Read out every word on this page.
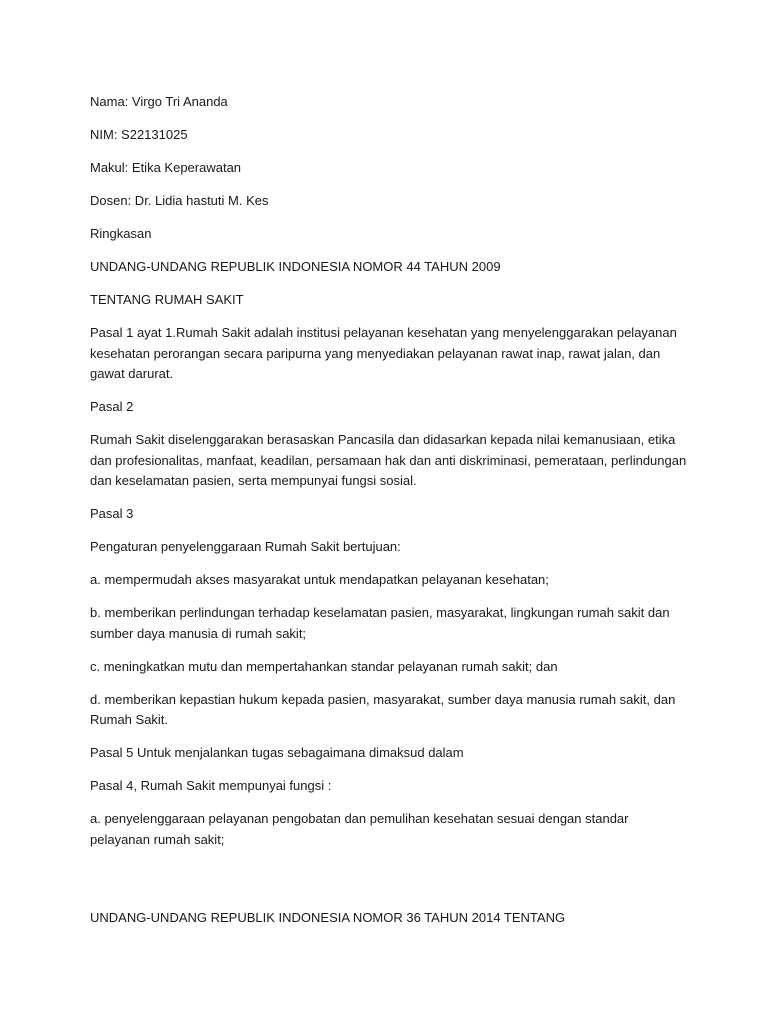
Nama: Virgo Tri Ananda

NIM: S22131025

Makul: Etika Keperawatan

Dosen: Dr. Lidia hastuti M. Kes

Ringkasan

UNDANG-UNDANG REPUBLIK INDONESIA NOMOR 44 TAHUN 2009

TENTANG RUMAH SAKIT

Pasal 1 ayat 1.Rumah Sakit adalah institusi pelayanan kesehatan yang menyelenggarakan pelayanan kesehatan perorangan secara paripurna yang menyediakan pelayanan rawat inap, rawat jalan, dan gawat darurat.

Pasal 2

Rumah Sakit diselenggarakan berasaskan Pancasila dan didasarkan kepada nilai kemanusiaan, etika dan profesionalitas, manfaat, keadilan, persamaan hak dan anti diskriminasi, pemerataan, perlindungan dan keselamatan pasien, serta mempunyai fungsi sosial.

Pasal 3

Pengaturan penyelenggaraan Rumah Sakit bertujuan:

a. mempermudah akses masyarakat untuk mendapatkan pelayanan kesehatan;

b. memberikan perlindungan terhadap keselamatan pasien, masyarakat, lingkungan rumah sakit dan sumber daya manusia di rumah sakit;

c. meningkatkan mutu dan mempertahankan standar pelayanan rumah sakit; dan

d. memberikan kepastian hukum kepada pasien, masyarakat, sumber daya manusia rumah sakit, dan Rumah Sakit.

Pasal 5 Untuk menjalankan tugas sebagaimana dimaksud dalam

Pasal 4, Rumah Sakit mempunyai fungsi :

a. penyelenggaraan pelayanan pengobatan dan pemulihan kesehatan sesuai dengan standar pelayanan rumah sakit;

UNDANG-UNDANG REPUBLIK INDONESIA NOMOR 36 TAHUN 2014 TENTANG
